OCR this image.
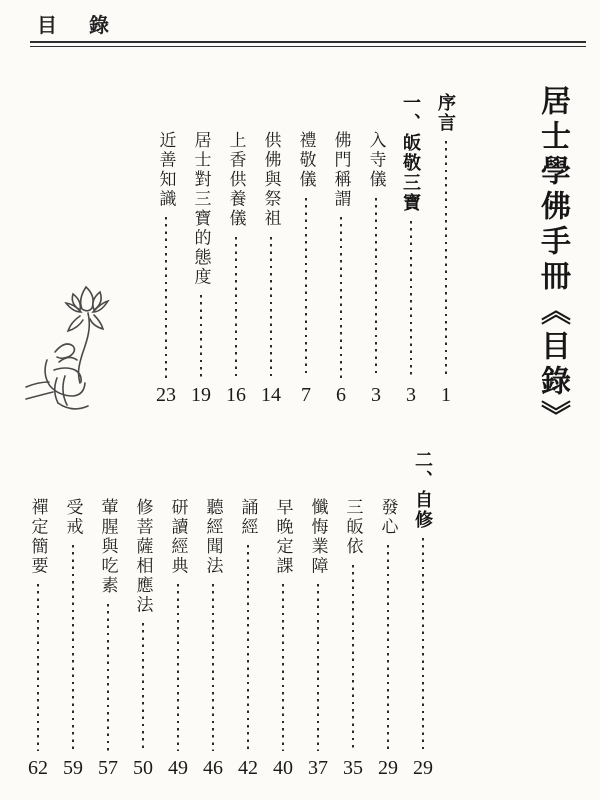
目　錄
居士學佛手冊《目錄》
序言
1
一、皈敬三寶
3
入寺儀
3
佛門稱謂
6
禮敬儀
7
供佛與祭祖
14
上香供養儀
16
居士對三寶的態度
19
近善知識
23
二、自修
29
發心
29
三皈依
35
懺悔業障
37
早晚定課
40
誦經
42
聽經聞法
46
研讀經典
49
修菩薩相應法
50
葷腥與吃素
57
受戒
59
禪定簡要
62
